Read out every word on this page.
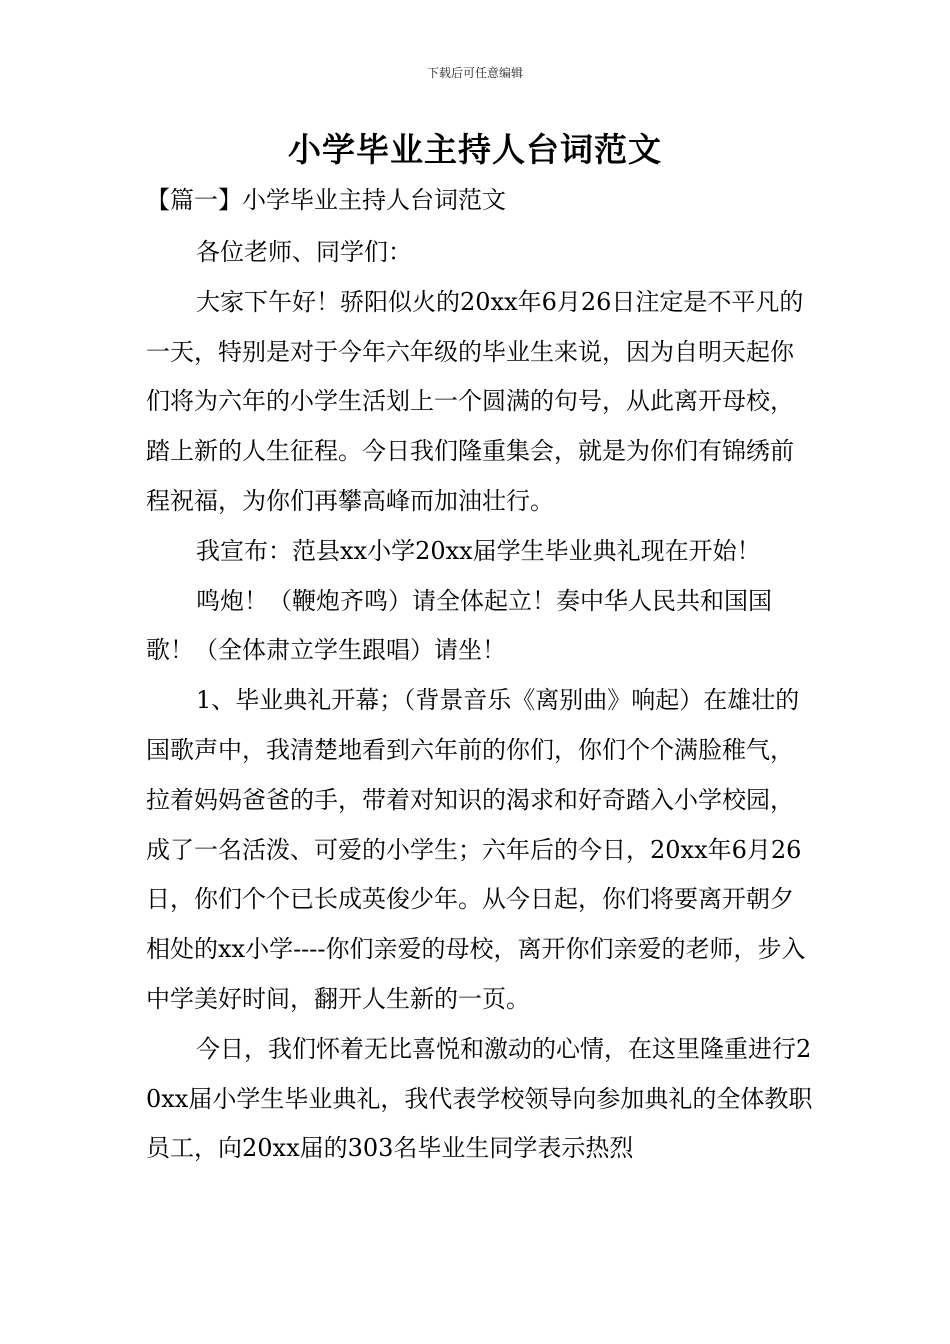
下载后可任意编辑
小学毕业主持人台词范文
【篇一】小学毕业主持人台词范文

各位老师、同学们：

大家下午好！骄阳似火的20xx年6月26日注定是不平凡的一天，特别是对于今年六年级的毕业生来说，因为自明天起你们将为六年的小学生活划上一个圆满的句号，从此离开母校，踏上新的人生征程。今日我们隆重集会，就是为你们有锦绣前程祝福，为你们再攀高峰而加油壮行。

我宣布：范县xx小学20xx届学生毕业典礼现在开始！

鸣炮！（鞭炮齐鸣）请全体起立！奏中华人民共和国国歌！（全体肃立学生跟唱）请坐！

1、毕业典礼开幕；（背景音乐《离别曲》响起）在雄壮的国歌声中，我清楚地看到六年前的你们，你们个个满脸稚气，拉着妈妈爸爸的手，带着对知识的渴求和好奇踏入小学校园，成了一名活泼、可爱的小学生；六年后的今日，20xx年6月26日，你们个个已长成英俊少年。从今日起，你们将要离开朝夕相处的xx小学----你们亲爱的母校，离开你们亲爱的老师，步入中学美好时间，翻开人生新的一页。

今日，我们怀着无比喜悦和激动的心情，在这里隆重进行20xx届小学生毕业典礼，我代表学校领导向参加典礼的全体教职员工，向20xx届的303名毕业生同学表示热烈
